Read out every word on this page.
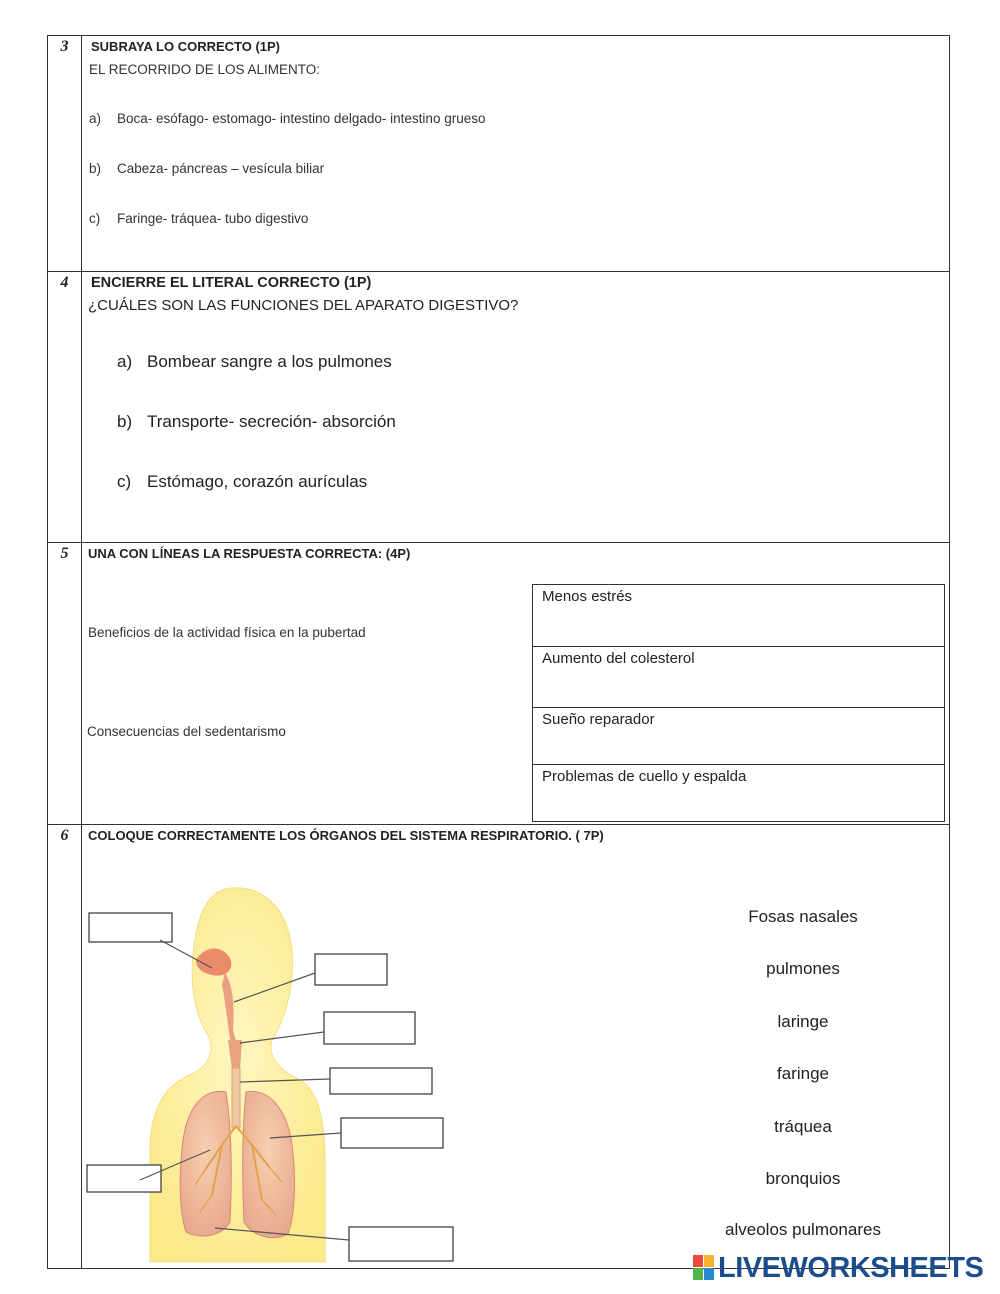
3
4
5
6
SUBRAYA LO CORRECTO (1P)
EL RECORRIDO DE LOS ALIMENTO:
a) Boca- esófago- estomago- intestino delgado- intestino grueso
b) Cabeza- páncreas – vesícula biliar
c) Faringe- tráquea- tubo digestivo
ENCIERRE EL LITERAL CORRECTO (1P)
¿CUÁLES SON LAS FUNCIONES DEL APARATO DIGESTIVO?
a) Bombear sangre a los pulmones
b) Transporte- secreción- absorción
c) Estómago, corazón aurículas
UNA CON LÍNEAS LA RESPUESTA CORRECTA: (4P)
Beneficios de la actividad física en la pubertad
Consecuencias del sedentarismo
Menos estrés
Aumento del colesterol
Sueño reparador
Problemas de cuello y espalda
COLOQUE CORRECTAMENTE LOS ÓRGANOS DEL SISTEMA RESPIRATORIO. ( 7P)
Fosas nasales
pulmones
laringe
faringe
tráquea
bronquios
alveolos pulmonares
LIVEWORKSHEETS
